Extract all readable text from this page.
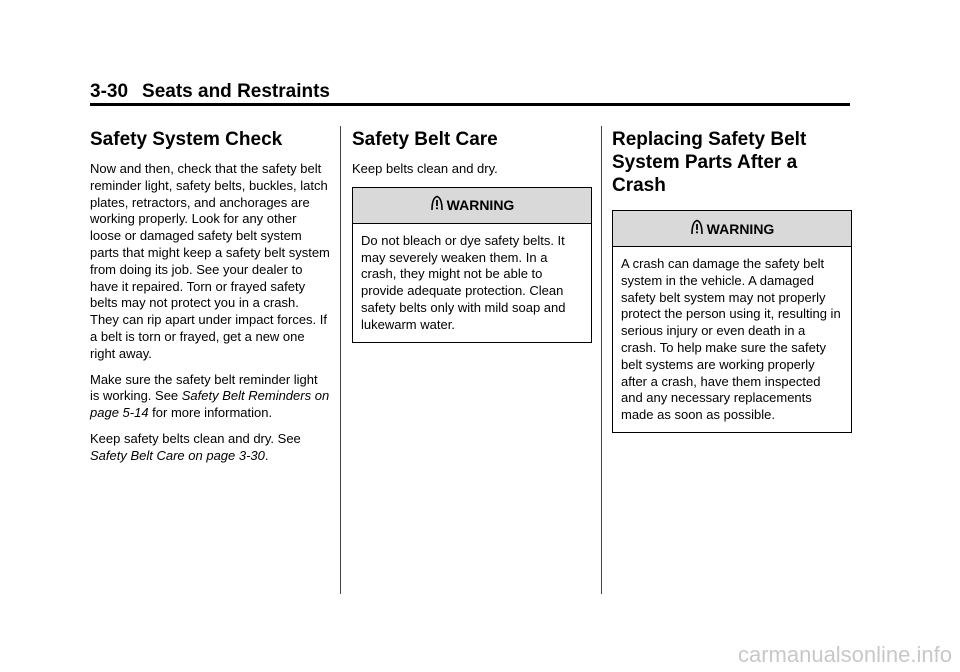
3-30 Seats and Restraints
Safety System Check

Now and then, check that the safety belt reminder light, safety belts, buckles, latch plates, retractors, and anchorages are working properly. Look for any other loose or damaged safety belt system parts that might keep a safety belt system from doing its job. See your dealer to have it repaired. Torn or frayed safety belts may not protect you in a crash. They can rip apart under impact forces. If a belt is torn or frayed, get a new one right away.

Make sure the safety belt reminder light is working. See Safety Belt Reminders on page 5-14 for more information.

Keep safety belts clean and dry. See Safety Belt Care on page 3-30.

Safety Belt Care

Keep belts clean and dry.

WARNING
Do not bleach or dye safety belts. It may severely weaken them. In a crash, they might not be able to provide adequate protection. Clean safety belts only with mild soap and lukewarm water.
Replacing Safety Belt System Parts After a Crash
WARNING
A crash can damage the safety belt system in the vehicle. A damaged safety belt system may not properly protect the person using it, resulting in serious injury or even death in a crash. To help make sure the safety belt systems are working properly after a crash, have them inspected and any necessary replacements made as soon as possible.
carmanualsonline.info
